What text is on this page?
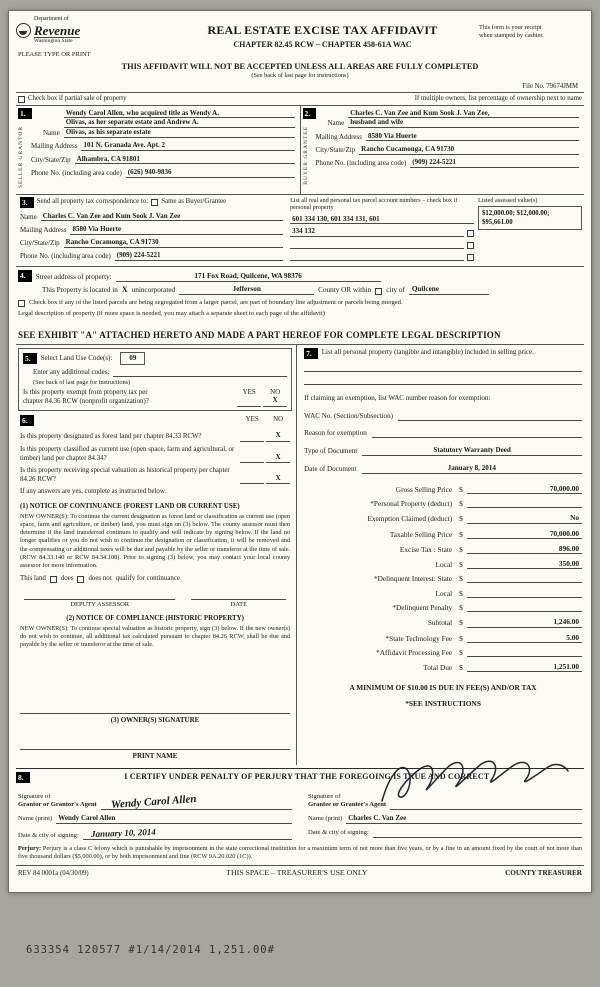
Department of
Revenue
Washington State
PLEASE TYPE OR PRINT
REAL ESTATE EXCISE TAX AFFIDAVIT
CHAPTER 82.45 RCW – CHAPTER 458-61A WAC
This form is your receipt
when stamped by cashier.
THIS AFFIDAVIT WILL NOT BE ACCEPTED UNLESS ALL AREAS ARE FULLY COMPLETED
(See back of last page for instructions)
File No. 79674JMM
Check box if partial sale of property	If multiple owners, list percentage of ownership next to name
1.
SELLER GRANTOR	Name
Wendy Carol Allen, who acquired title as Wendy A.
Olivas, as her separate estate and Andrew A.
Olivas, as his separate estate
Mailing Address 101 N. Granada Ave. Apt. 2
City/State/Zip Alhambra, CA 91801
Phone No. (including area code) (626) 940-9836
2.
BUYER GRANTEE
Name
Charles C. Van Zee and Kum Sook J. Van Zee,
husband and wife
Mailing Address 8580 Via Huerte
City/State/Zip Rancho Cucamonga, CA 91730
Phone No. (including area code) (909) 224-5221
3.	Send all property tax correspondence to: Same as Buyer/Grantee
Name Charles C. Van Zee and Kum Sook J. Van Zee
Mailing Address 8580 Via Huerte
City/State/Zip Rancho Cucamonga, CA 91730
Phone No. (including area code) (909) 224-5221
List all real and personal tax parcel account numbers – check box if personal property
601 334 130, 601 334 131, 601
334 132
Listed assessed value(s)
$12,000.00; $12,000.00;
$95,661.00
4.	Street address of property:	171 Fox Road, Quilcene, WA 98376
This Property is located in X unincorporated	Jefferson	County OR within city of Quilcene
Check box if any of the listed parcels are being segregated from a larger parcel, are part of boundary line adjustment or parcels being merged.
Legal description of property (if more space is needed, you may attach a separate sheet to each page of the affidavit)
SEE EXHIBIT "A" ATTACHED HERETO AND MADE A PART HEREOF FOR COMPLETE LEGAL DESCRIPTION
5.	Select Land Use Code(s):	09
Enter any additional codes:
(See back of last page for instructions)
Is this property exempt from property tax per	YES	NO
chapter 84.36 RCW (nonprofit organization)?	X
6.	YES	NO
Is this property designated as forest land per chapter 84.33 RCW?	X
Is this property classified as current use (open space, farm and agricultural, or timber) land per chapter 84.34?	X
Is this property receiving special valuation as historical property per chapter 84.26 RCW?	X
If any answers are yes, complete as instructed below.
(1) NOTICE OF CONTINUANCE (FOREST LAND OR CURRENT USE)
NEW OWNER(S): To continue the current designation as forest land or classification as current use (open space, farm and agriculture, or timber) land, you must sign on (3) below. The county assessor must then determine if the land transferred continues to qualify and will indicate by signing below. If the land no longer qualifies or you do not wish to continue the designation or classification, it will be removed and the compensating or additional taxes will be due and payable by the seller or transferor at the time of sale. (RCW 84.33.140 or RCW 84.34.108). Prior to signing (3) below, you may contact your local county assessor for more information.
This land does does not qualify for continuance
DEPUTY ASSESSOR	DATE
(2) NOTICE OF COMPLIANCE (HISTORIC PROPERTY)
NEW OWNER(S): To continue special valuation as historic property, sign (3) below. If the new owner(s) do not wish to continue, all additional tax calculated pursuant to chapter 84.26 RCW, shall be due and payable by the seller or transferor at the time of sale.
(3) OWNER(S) SIGNATURE
PRINT NAME
7.	List all personal property (tangible and intangible) included in selling price.
If claiming an exemption, list WAC number reason for exemption:
WAC No. (Section/Subsection)
Reason for exemption
Type of Document	Statutory Warranty Deed
Date of Document	January 8, 2014
Gross Selling Price $	70,000.00
*Personal Property (deduct) $
Exemption Claimed (deduct) $	No
Taxable Selling Price $	70,000.00
Excise Tax : State $	896.00
Local $	350.00
*Delinquent Interest: State $
Local $
*Delinquent Penalty $
Subtotal $	1,246.00
*State Technology Fee $	5.00
*Affidavit Processing Fee $
Total Due $	1,251.00
A MINIMUM OF $10.00 IS DUE IN FEE(S) AND/OR TAX
*SEE INSTRUCTIONS
8.	I CERTIFY UNDER PENALTY OF PERJURY THAT THE FOREGOING IS TRUE AND CORRECT
Signature of
Grantor or Grantor's Agent Wendy Carol Allen
Name (print) Wendy Carol Allen
Date & city of signing:	January 10, 2014
Signature of
Grantee or Grantee's Agent
Name (print) Charles C. Van Zee
Date & city of signing:
Perjury: Perjury is a class C felony which is punishable by imprisonment in the state correctional institution for a maximum term of not more than five years, or by a fine in an amount fixed by the court of not more than five thousand dollars ($5,000.00), or by both imprisonment and fine (RCW 9A.20.020 (1C)).
REV 84 0001a (04/30/09)	THIS SPACE – TREASURER'S USE ONLY	COUNTY TREASURER
633354 120577 #1/14/2014 1,251.00#
